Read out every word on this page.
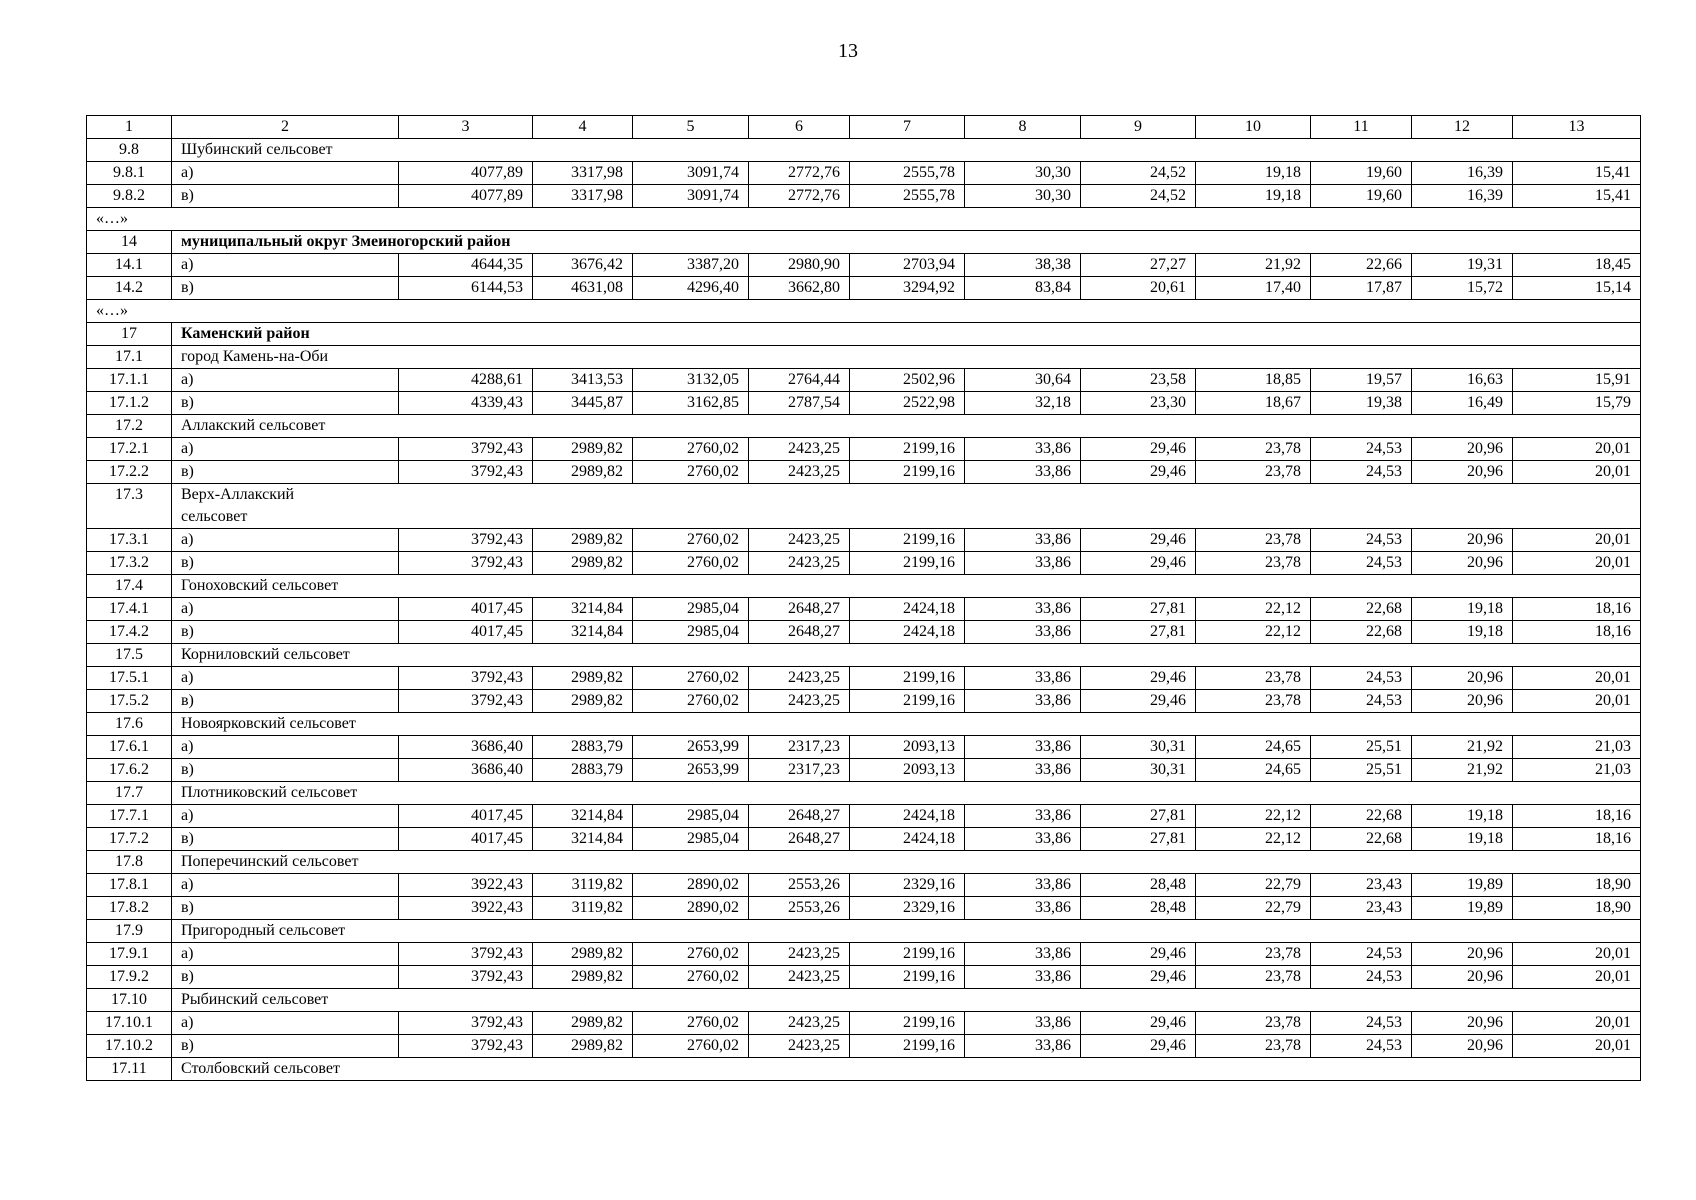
13
1	2	3	4	5	6	7	8	9	10	11	12	13
9.8	Шубинский сельсовет											
9.8.1	а)	4077,89	3317,98	3091,74	2772,76	2555,78	30,30	24,52	19,18	19,60	16,39	15,41
9.8.2	в)	4077,89	3317,98	3091,74	2772,76	2555,78	30,30	24,52	19,18	19,60	16,39	15,41
«…»												
14	муниципальный округ Змеиногорский район											
14.1	а)	4644,35	3676,42	3387,20	2980,90	2703,94	38,38	27,27	21,92	22,66	19,31	18,45
14.2	в)	6144,53	4631,08	4296,40	3662,80	3294,92	83,84	20,61	17,40	17,87	15,72	15,14
«…»												
17	Каменский район											
17.1	город Камень-на-Оби											
17.1.1	а)	4288,61	3413,53	3132,05	2764,44	2502,96	30,64	23,58	18,85	19,57	16,63	15,91
17.1.2	в)	4339,43	3445,87	3162,85	2787,54	2522,98	32,18	23,30	18,67	19,38	16,49	15,79
17.2	Аллакский сельсовет											
17.2.1	а)	3792,43	2989,82	2760,02	2423,25	2199,16	33,86	29,46	23,78	24,53	20,96	20,01
17.2.2	в)	3792,43	2989,82	2760,02	2423,25	2199,16	33,86	29,46	23,78	24,53	20,96	20,01
17.3	Верх-Аллакский сельсовет											

17.3.1	а)	3792,43	2989,82	2760,02	2423,25	2199,16	33,86	29,46	23,78	24,53	20,96	20,01
17.3.2	в)	3792,43	2989,82	2760,02	2423,25	2199,16	33,86	29,46	23,78	24,53	20,96	20,01
17.4	Гоноховский сельсовет											
17.4.1	а)	4017,45	3214,84	2985,04	2648,27	2424,18	33,86	27,81	22,12	22,68	19,18	18,16
17.4.2	в)	4017,45	3214,84	2985,04	2648,27	2424,18	33,86	27,81	22,12	22,68	19,18	18,16
17.5	Корниловский сельсовет											
17.5.1	а)	3792,43	2989,82	2760,02	2423,25	2199,16	33,86	29,46	23,78	24,53	20,96	20,01
17.5.2	в)	3792,43	2989,82	2760,02	2423,25	2199,16	33,86	29,46	23,78	24,53	20,96	20,01
17.6	Новоярковский сельсовет											
17.6.1	а)	3686,40	2883,79	2653,99	2317,23	2093,13	33,86	30,31	24,65	25,51	21,92	21,03
17.6.2	в)	3686,40	2883,79	2653,99	2317,23	2093,13	33,86	30,31	24,65	25,51	21,92	21,03
17.7	Плотниковский сельсовет											
17.7.1	а)	4017,45	3214,84	2985,04	2648,27	2424,18	33,86	27,81	22,12	22,68	19,18	18,16
17.7.2	в)	4017,45	3214,84	2985,04	2648,27	2424,18	33,86	27,81	22,12	22,68	19,18	18,16
17.8	Поперечинский сельсовет											
17.8.1	а)	3922,43	3119,82	2890,02	2553,26	2329,16	33,86	28,48	22,79	23,43	19,89	18,90
17.8.2	в)	3922,43	3119,82	2890,02	2553,26	2329,16	33,86	28,48	22,79	23,43	19,89	18,90
17.9	Пригородный сельсовет											
17.9.1	а)	3792,43	2989,82	2760,02	2423,25	2199,16	33,86	29,46	23,78	24,53	20,96	20,01
17.9.2	в)	3792,43	2989,82	2760,02	2423,25	2199,16	33,86	29,46	23,78	24,53	20,96	20,01
17.10	Рыбинский сельсовет											
17.10.1	а)	3792,43	2989,82	2760,02	2423,25	2199,16	33,86	29,46	23,78	24,53	20,96	20,01
17.10.2	в)	3792,43	2989,82	2760,02	2423,25	2199,16	33,86	29,46	23,78	24,53	20,96	20,01
17.11	Столбовский сельсовет											
